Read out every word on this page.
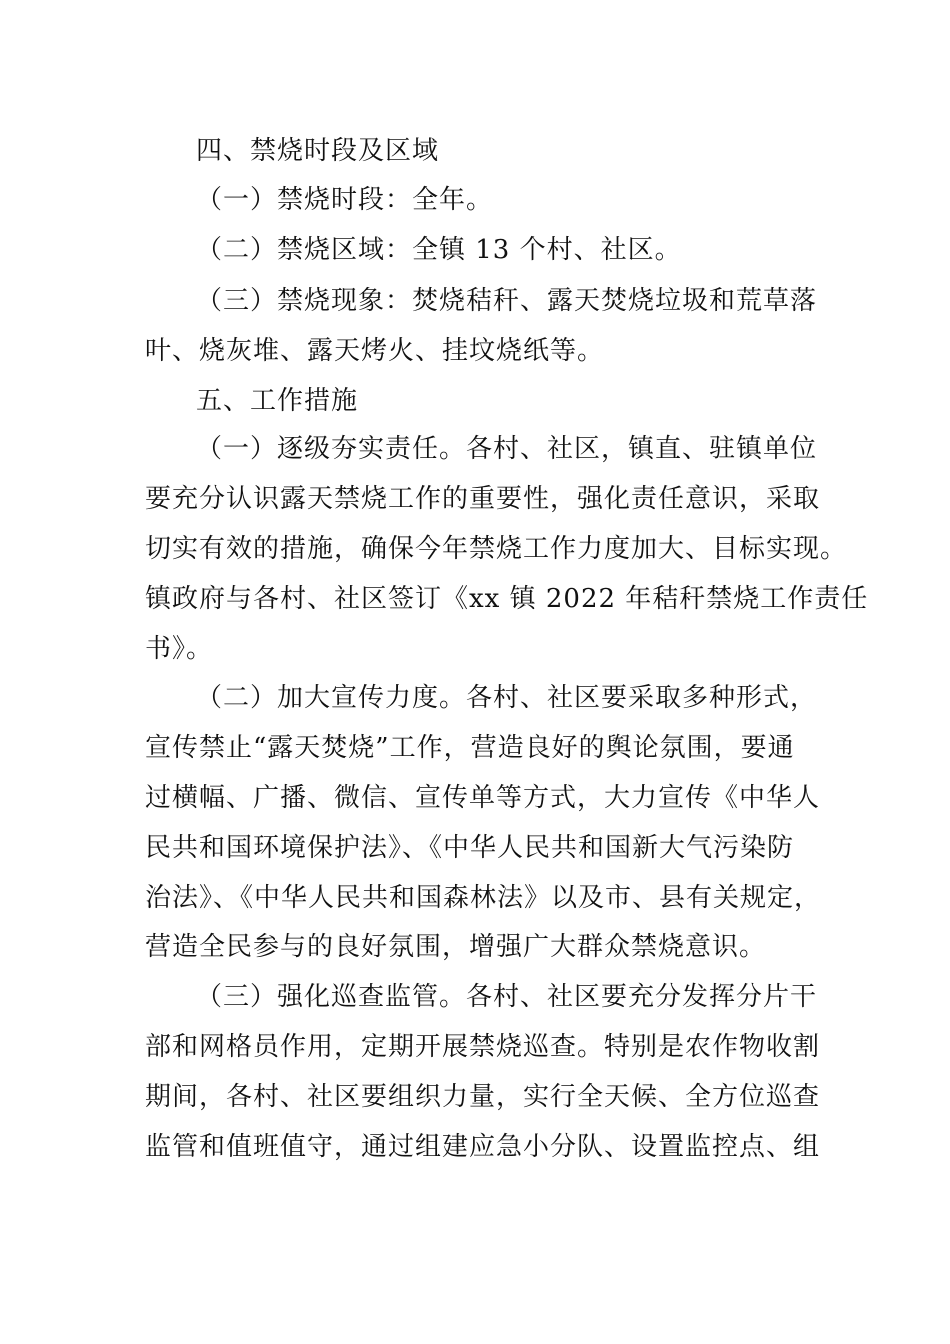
四、禁烧时段及区域
（一）禁烧时段：全年。
（二）禁烧区域：全镇 13 个村、社区。
（三）禁烧现象：焚烧秸秆、露天焚烧垃圾和荒草落
叶、烧灰堆、露天烤火、挂坟烧纸等。
五、工作措施
（一）逐级夯实责任。各村、社区，镇直、驻镇单位
要充分认识露天禁烧工作的重要性，强化责任意识，采取
切实有效的措施，确保今年禁烧工作力度加大、目标实现。
镇政府与各村、社区签订《xx 镇 2022 年秸秆禁烧工作责任
书》。
（二）加大宣传力度。各村、社区要采取多种形式，
宣传禁止“露天焚烧”工作，营造良好的舆论氛围，要通
过横幅、广播、微信、宣传单等方式，大力宣传《中华人
民共和国环境保护法》、《中华人民共和国新大气污染防
治法》、《中华人民共和国森林法》以及市、县有关规定，
营造全民参与的良好氛围，增强广大群众禁烧意识。
（三）强化巡查监管。各村、社区要充分发挥分片干
部和网格员作用，定期开展禁烧巡查。特别是农作物收割
期间，各村、社区要组织力量，实行全天候、全方位巡查
监管和值班值守，通过组建应急小分队、设置监控点、组
